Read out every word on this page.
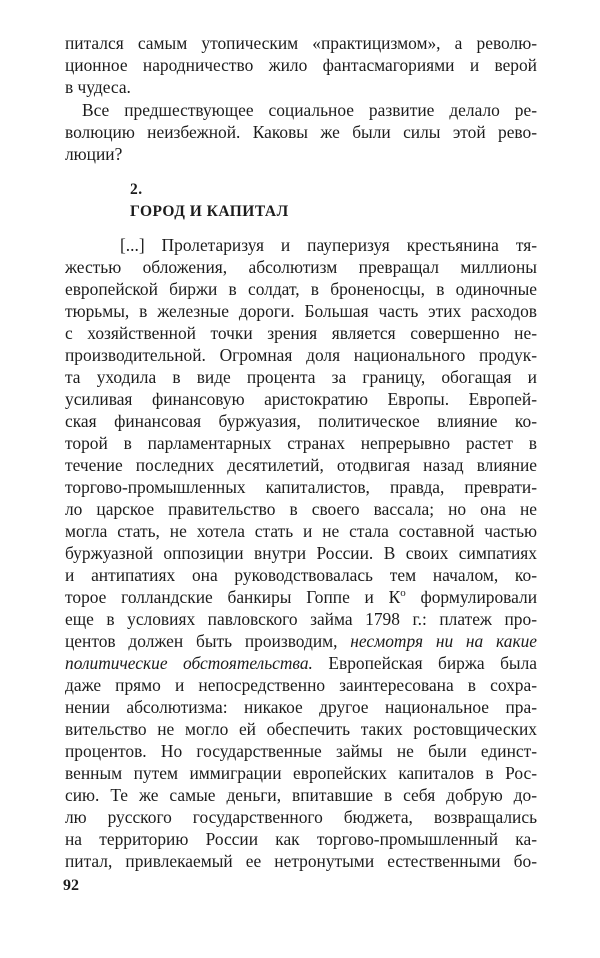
питался самым утопическим «практицизмом», а револю-
ционное народничество жило фантасмагориями и верой
в чудеса.
Все предшествующее социальное развитие делало ре-
волюцию неизбежной. Каковы же были силы этой рево-
люции?
2.
ГОРОД И КАПИТАЛ
[...] Пролетаризуя и пауперизуя крестьянина тя-
жестью обложения, абсолютизм превращал миллионы
европейской биржи в солдат, в броненосцы, в одиночные
тюрьмы, в железные дороги. Большая часть этих расходов
с хозяйственной точки зрения является совершенно не-
производительной. Огромная доля национального продук-
та уходила в виде процента за границу, обогащая и
усиливая финансовую аристократию Европы. Европей-
ская финансовая буржуазия, политическое влияние ко-
торой в парламентарных странах непрерывно растет в
течение последних десятилетий, отодвигая назад влияние
торгово-промышленных капиталистов, правда, преврати-
ло царское правительство в своего вассала; но она не
могла стать, не хотела стать и не стала составной частью
буржуазной оппозиции внутри России. В своих симпатиях
и антипатиях она руководствовалась тем началом, ко-
торое голландские банкиры Гоппе и $К^о$ формулировали
еще в условиях павловского займа 1798 г.: платеж про-
центов должен быть производим, несмотря ни на какие
политические обстоятельства. Европейская биржа была
даже прямо и непосредственно заинтересована в сохра-
нении абсолютизма: никакое другое национальное пра-
вительство не могло ей обеспечить таких ростовщических
процентов. Но государственные займы не были единст-
венным путем иммиграции европейских капиталов в Рос-
сию. Те же самые деньги, впитавшие в себя добрую до-
лю русского государственного бюджета, возвращались
на территорию России как торгово-промышленный ка-
питал, привлекаемый ее нетронутыми естественными бо-
92
